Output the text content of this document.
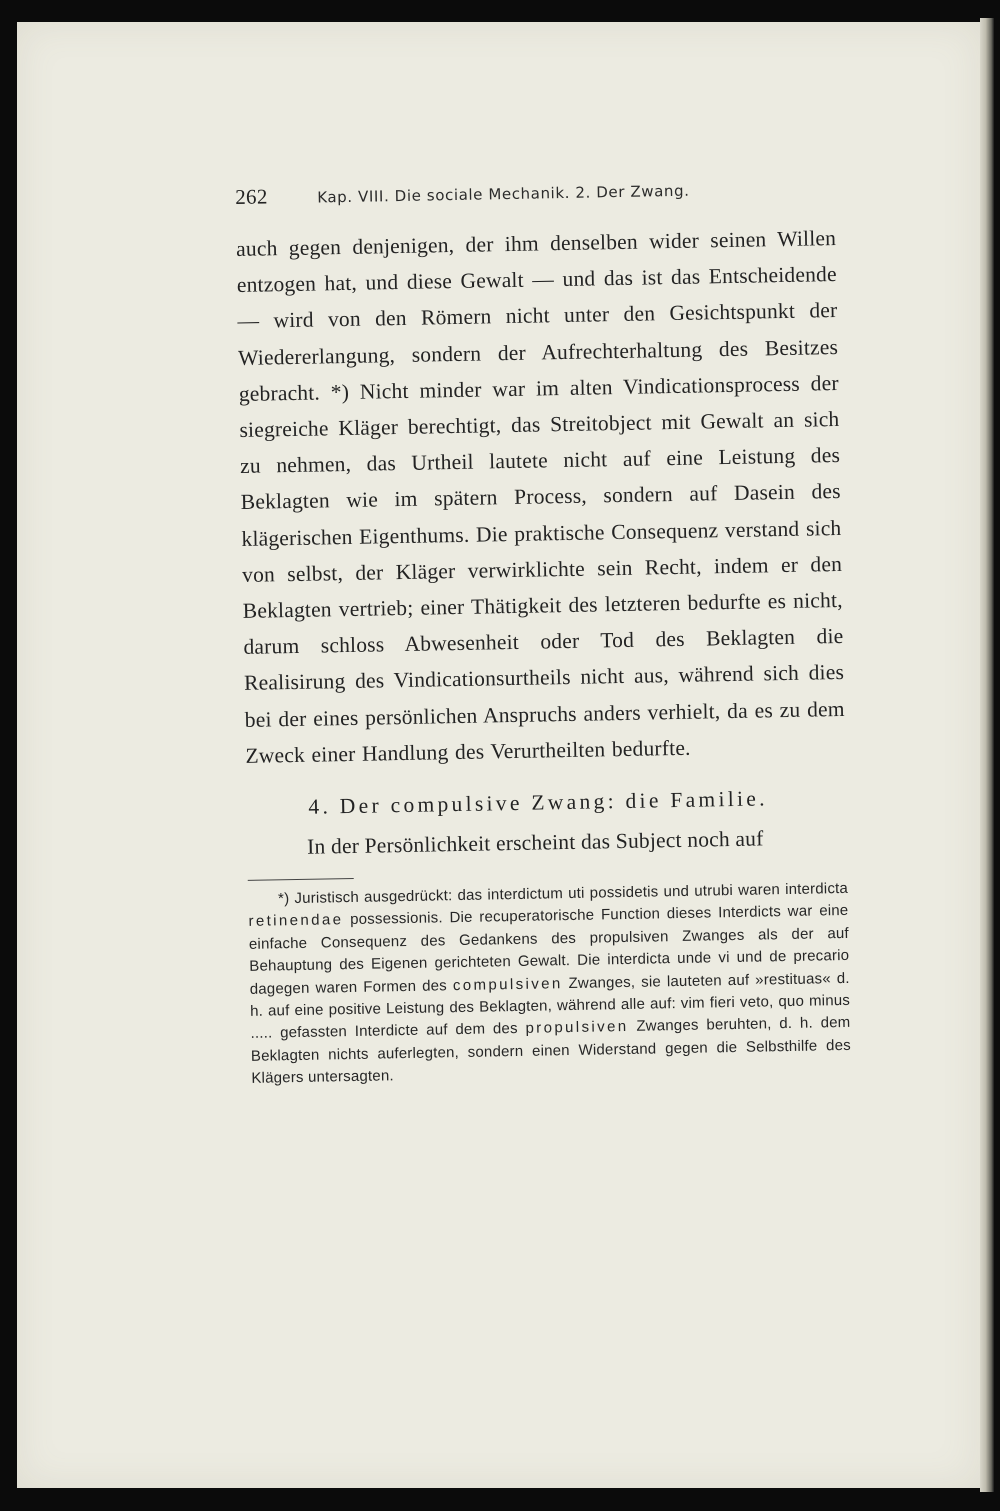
262	Kap. VIII. Die sociale Mechanik. 2. Der Zwang.

auch gegen denjenigen, der ihm denselben wider seinen Willen entzogen hat, und diese Gewalt — und das ist das Entscheidende — wird von den Römern nicht unter den Gesichtspunkt der Wiedererlangung, sondern der Aufrechterhaltung des Besitzes gebracht. *) Nicht minder war im alten Vindicationsprocess der siegreiche Kläger berechtigt, das Streitobject mit Gewalt an sich zu nehmen, das Urtheil lautete nicht auf eine Leistung des Beklagten wie im spätern Process, sondern auf Dasein des klägerischen Eigenthums. Die praktische Consequenz verstand sich von selbst, der Kläger verwirklichte sein Recht, indem er den Beklagten vertrieb; einer Thätigkeit des letzteren bedurfte es nicht, darum schloss Abwesenheit oder Tod des Beklagten die Realisirung des Vindicationsurtheils nicht aus, während sich dies bei der eines persönlichen Anspruchs anders verhielt, da es zu dem Zweck einer Handlung des Verurtheilten bedurfte.

4. Der compulsive Zwang: die Familie.
In der Persönlichkeit erscheint das Subject noch auf
*) Juristisch ausgedrückt: das interdictum uti possidetis und utrubi waren interdicta retinendae possessionis. Die recuperatorische Function dieses Interdicts war eine einfache Consequenz des Gedankens des propulsiven Zwanges als der auf Behauptung des Eigenen gerichteten Gewalt. Die interdicta unde vi und de precario dagegen waren Formen des compulsiven Zwanges, sie lauteten auf »restituas« d. h. auf eine positive Leistung des Beklagten, während alle auf: vim fieri veto, quo minus ..... gefassten Interdicte auf dem des propulsiven Zwanges beruhten, d. h. dem Beklagten nichts auferlegten, sondern einen Widerstand gegen die Selbsthilfe des Klägers untersagten.
